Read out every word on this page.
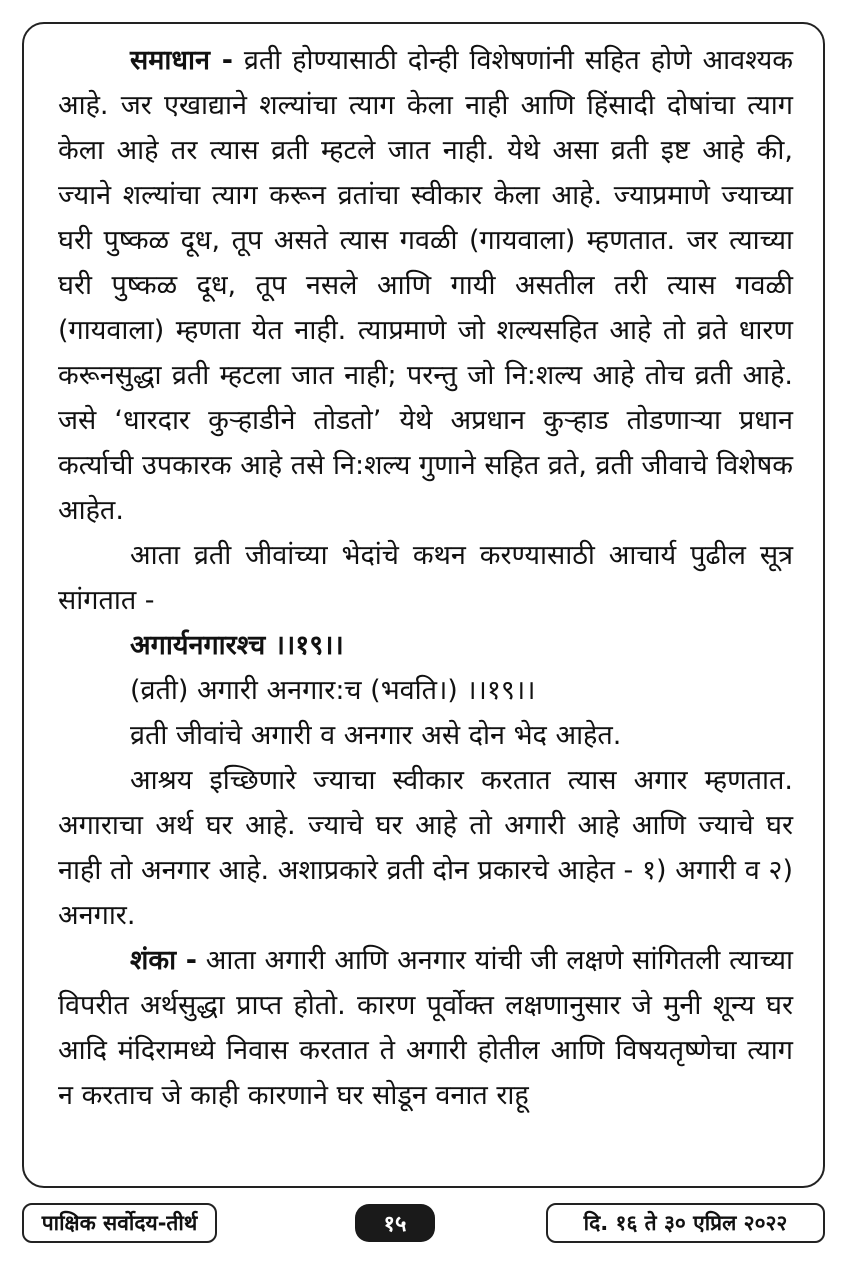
समाधान - व्रती होण्यासाठी दोन्ही विशेषणांनी सहित होणे आवश्यक आहे. जर एखाद्याने शल्यांचा त्याग केला नाही आणि हिंसादी दोषांचा त्याग केला आहे तर त्यास व्रती म्हटले जात नाही. येथे असा व्रती इष्ट आहे की, ज्याने शल्यांचा त्याग करून व्रतांचा स्वीकार केला आहे. ज्याप्रमाणे ज्याच्या घरी पुष्कळ दूध, तूप असते त्यास गवळी (गायवाला) म्हणतात. जर त्याच्या घरी पुष्कळ दूध, तूप नसले आणि गायी असतील तरी त्यास गवळी (गायवाला) म्हणता येत नाही. त्याप्रमाणे जो शल्यसहित आहे तो व्रते धारण करूनसुद्धा व्रती म्हटला जात नाही; परन्तु जो नि:शल्य आहे तोच व्रती आहे. जसे ‘धारदार कुऱ्हाडीने तोडतो’ येथे अप्रधान कुऱ्हाड तोडणाऱ्या प्रधान कर्त्याची उपकारक आहे तसे नि:शल्य गुणाने सहित व्रते, व्रती जीवाचे विशेषक आहेत.

आता व्रती जीवांच्या भेदांचे कथन करण्यासाठी आचार्य पुढील सूत्र सांगतात -

अगार्यनगारश्च ।।१९।।

(व्रती) अगारी अनगार:च (भवति।) ।।१९।।

व्रती जीवांचे अगारी व अनगार असे दोन भेद आहेत.

आश्रय इच्छिणारे ज्याचा स्वीकार करतात त्यास अगार म्हणतात. अगाराचा अर्थ घर आहे. ज्याचे घर आहे तो अगारी आहे आणि ज्याचे घर नाही तो अनगार आहे. अशाप्रकारे व्रती दोन प्रकारचे आहेत - १) अगारी व २) अनगार.

शंका - आता अगारी आणि अनगार यांची जी लक्षणे सांगितली त्याच्या विपरीत अर्थसुद्धा प्राप्त होतो. कारण पूर्वोक्त लक्षणानुसार जे मुनी शून्य घर आदि मंदिरामध्ये निवास करतात ते अगारी होतील आणि विषयतृष्णेचा त्याग न करताच जे काही कारणाने घर सोडून वनात राहू

पाक्षिक सर्वोदय-तीर्थ	१५	दि. १६ ते ३० एप्रिल २०२२
